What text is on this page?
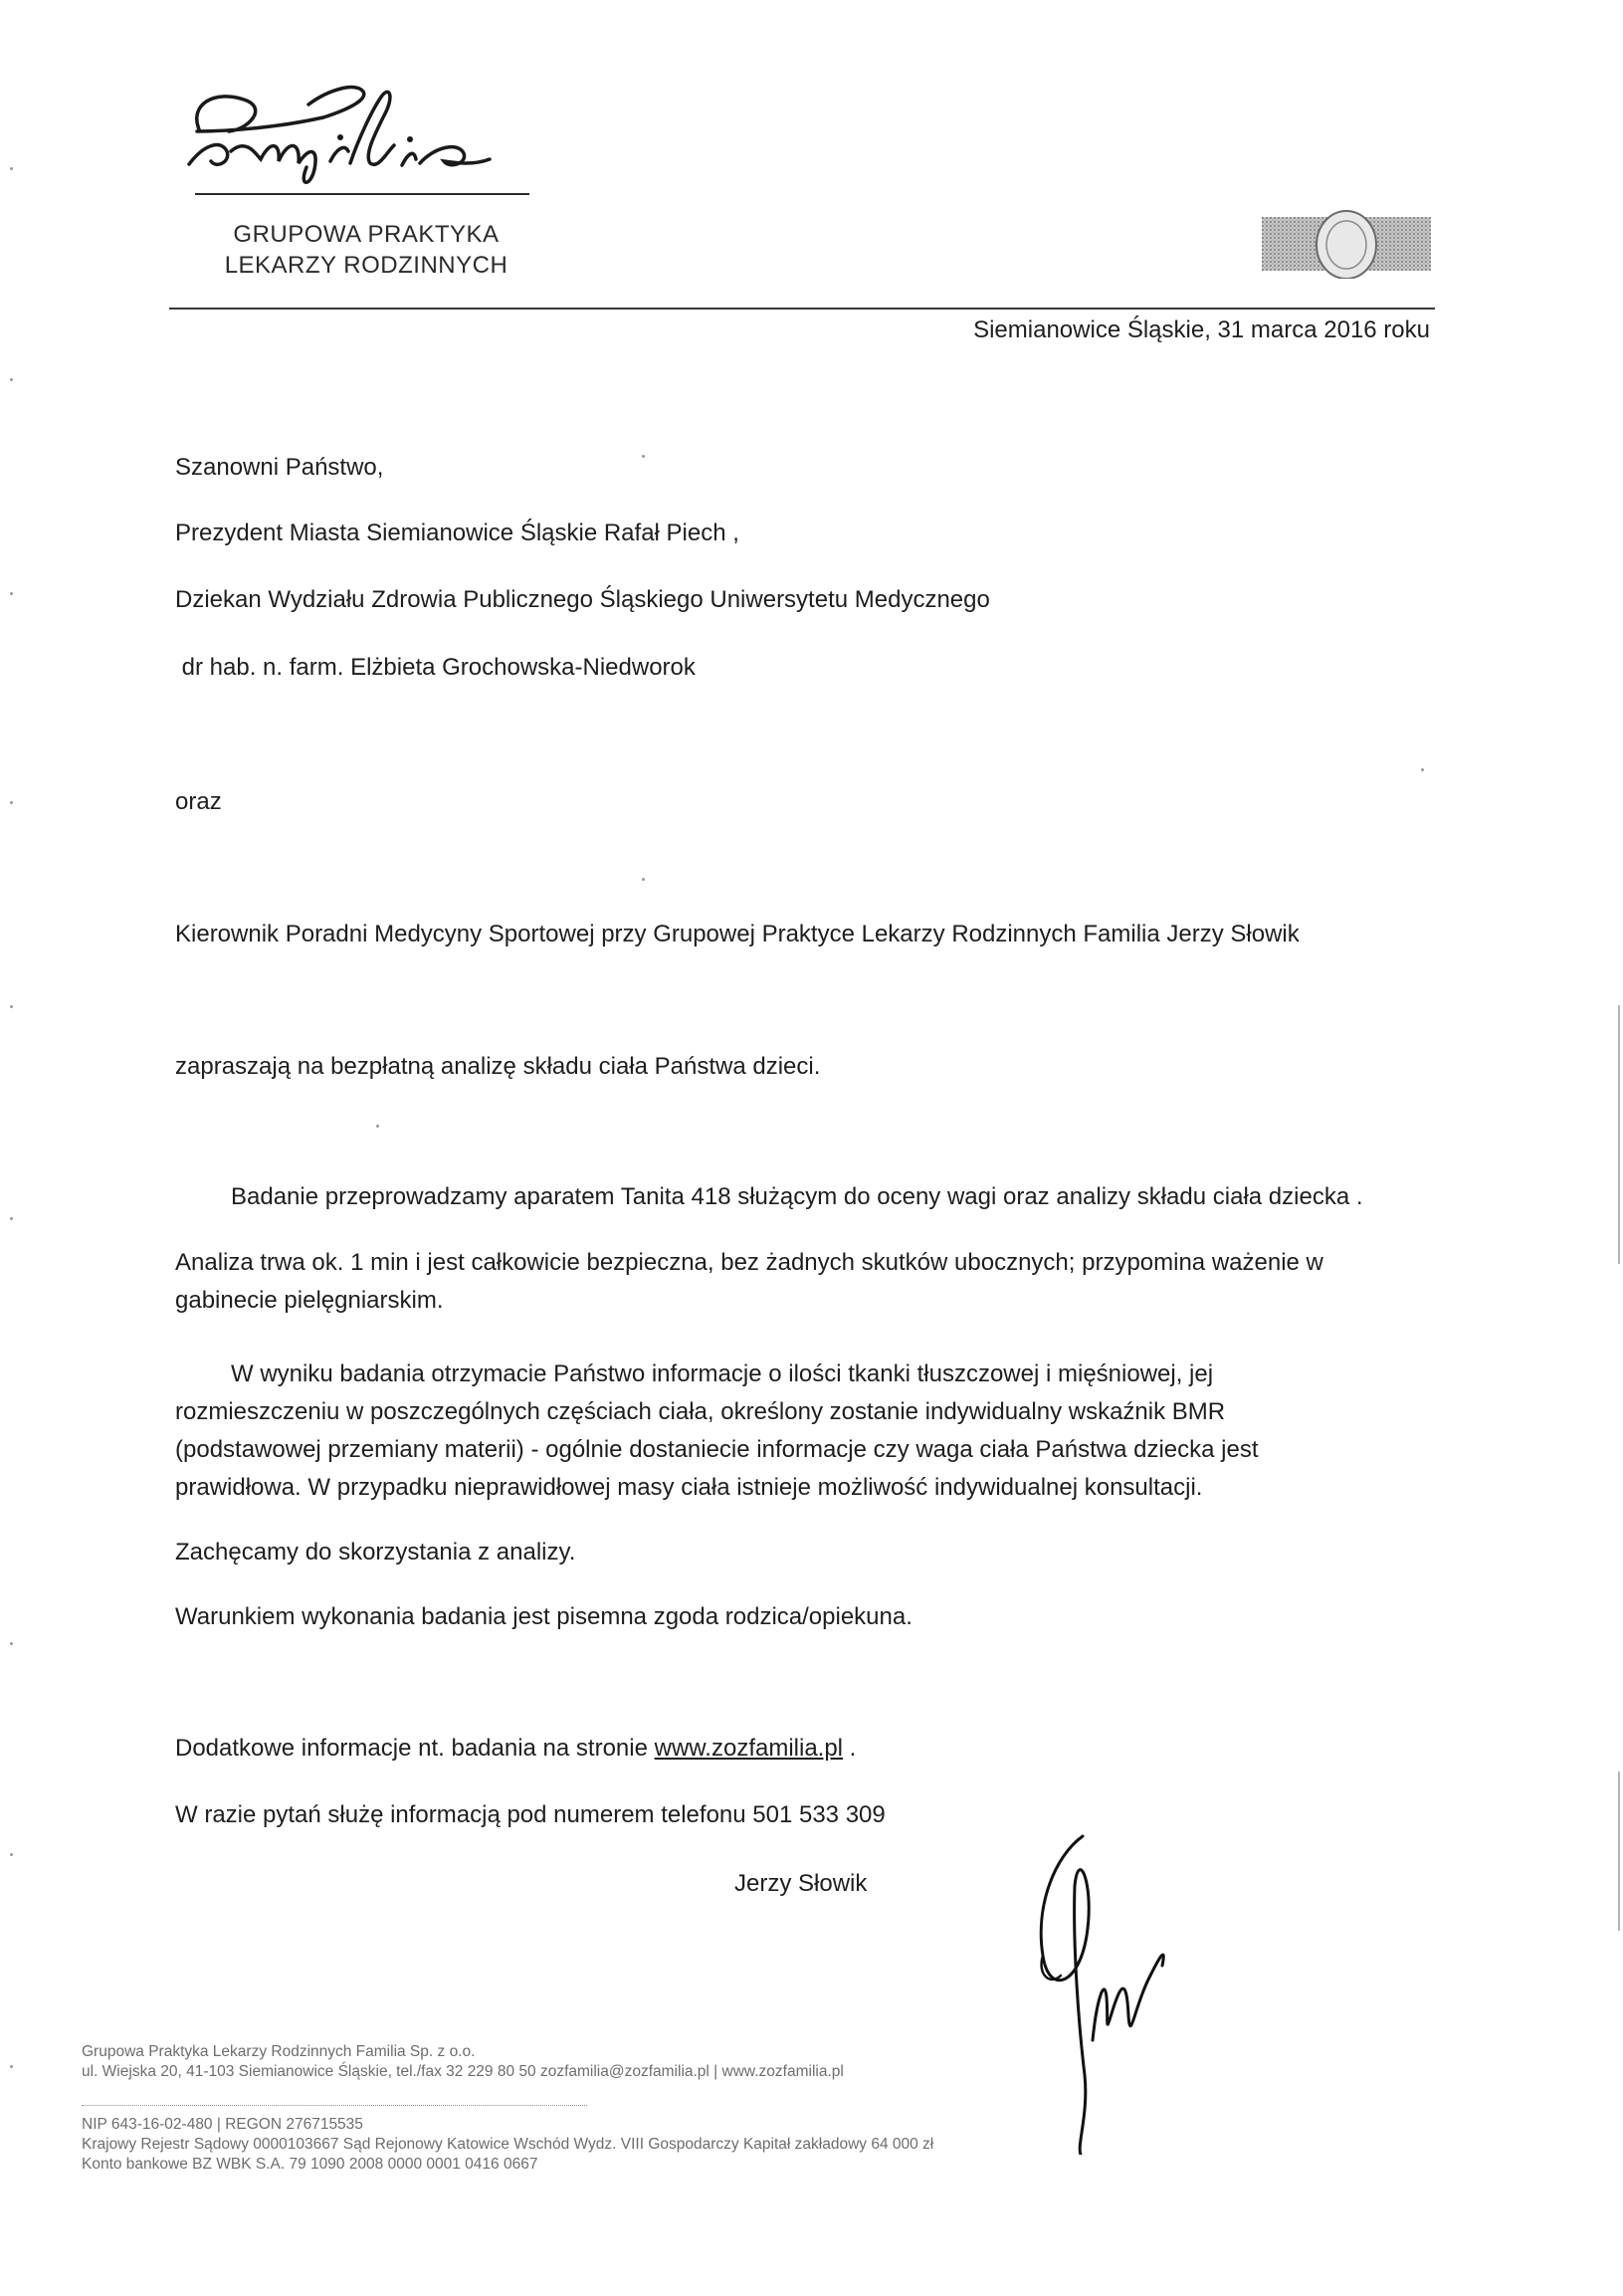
GRUPOWA PRAKTYKA
LEKARZY RODZINNYCH
Siemianowice Śląskie, 31 marca 2016 roku

Szanowni Państwo,

Prezydent Miasta Siemianowice Śląskie Rafał Piech ,

Dziekan Wydziału Zdrowia Publicznego Śląskiego Uniwersytetu Medycznego

dr hab. n. farm. Elżbieta Grochowska-Niedworok

oraz

Kierownik Poradni Medycyny Sportowej przy Grupowej Praktyce Lekarzy Rodzinnych Familia Jerzy Słowik

zapraszają na bezpłatną analizę składu ciała Państwa dzieci.

Badanie przeprowadzamy aparatem Tanita 418 służącym do oceny wagi oraz analizy składu ciała dziecka .

Analiza trwa ok. 1 min i jest całkowicie bezpieczna, bez żadnych skutków ubocznych; przypomina ważenie w
gabinecie pielęgniarskim.
W wyniku badania otrzymacie Państwo informacje o ilości tkanki tłuszczowej i mięśniowej, jej
rozmieszczeniu w poszczególnych częściach ciała, określony zostanie indywidualny wskaźnik BMR
(podstawowej przemiany materii) - ogólnie dostaniecie informacje czy waga ciała Państwa dziecka jest
prawidłowa. W przypadku nieprawidłowej masy ciała istnieje możliwość indywidualnej konsultacji.

Zachęcamy do skorzystania z analizy.

Warunkiem wykonania badania jest pisemna zgoda rodzica/opiekuna.

Dodatkowe informacje nt. badania na stronie www.zozfamilia.pl .

W razie pytań służę informacją pod numerem telefonu 501 533 309

Jerzy Słowik
Grupowa Praktyka Lekarzy Rodzinnych Familia Sp. z o.o.
ul. Wiejska 20, 41-103 Siemianowice Śląskie, tel./fax 32 229 80 50 zozfamilia@zozfamilia.pl | www.zozfamilia.pl
NIP 643-16-02-480 | REGON 276715535
Krajowy Rejestr Sądowy 0000103667 Sąd Rejonowy Katowice Wschód Wydz. VIII Gospodarczy Kapitał zakładowy 64 000 zł
Konto bankowe BZ WBK S.A. 79 1090 2008 0000 0001 0416 0667
